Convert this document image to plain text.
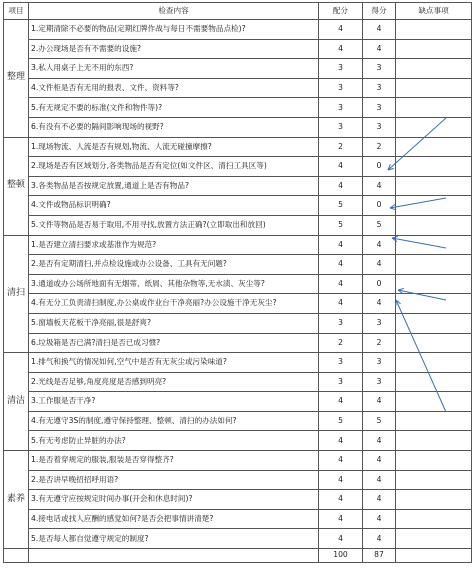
项目	检查内容	配分	得分	缺点事项
整理	1.定期清除不必要的物品(定期红牌作战与每日不需要物品点检)?	4	4	
	2.办公现场是否有不需要的设施?	4	4	
	3.私人用桌子上无不用的东西?	3	3	
	4.文件柜是否有无用的报表、文件、资料等?	3	3	
	5.有无规定不要的标准(文件和物件等)?	3	3	
	6.有没有不必要的隔间影响现场的视野?	3	3	
整顿	1.现场物流、人流是否有规划,物流、人流无碰撞摩擦?	2	2	
	2.现场是否有区域划分,各类物品是否有定位(如文件区、清扫工具区等)	4	0	
	3.各类物品是否按规定放置,通道上是否有物品?	4	4	
	4.文件或物品标识明确?	5	0	
	5.文件等物品是否易于取用,不用寻找,放置方法正确?(立即取出和放回)	5	5	
清扫	1.是否建立清扫要求或基准作为规范?	4	4	
	2.是否有定期清扫,并点检设施或办公设备、工具有无问题?	4	4	
	3.通道或办公场所地面有无烟蒂、纸屑、其他杂物等,无水渍、灰尘等?	4	0	
	4.有无分工负责清扫制度,办公桌或作业台干净亮丽?办公设施干净无灰尘?	4	4	
	5.窗墙板天花板干净亮丽,很是舒爽?	3	3	
	6.垃圾箱是否已满?清扫是否已成习惯?	2	2	
清洁	1.排气和换气的情况如何,空气中是否有无灰尘或污染味道?	3	3	
	2.光线是否足够,角度亮度是否感到明亮?	3	3	
	3.工作服是否干净?	4	4	
	4.有无遵守3S的制度,遵守保持整理、整顿、清扫的办法如何?	5	5	
	5.有无考虑防止异脏的办法?	4	4	
素养	1.是否着穿规定的服装,服装是否穿得整齐?	4	4	
	2.是否讲早晚招招呼用语?	4	4	
	3.有无遵守应按规定时间办事(开会和休息时间)?	4	4	
	4.接电话或找人应酬的感觉如何?是否会把事情讲清楚?	4	4	
	5.是否每人都自觉遵守规定的制度?	4	4	
		100	87	
